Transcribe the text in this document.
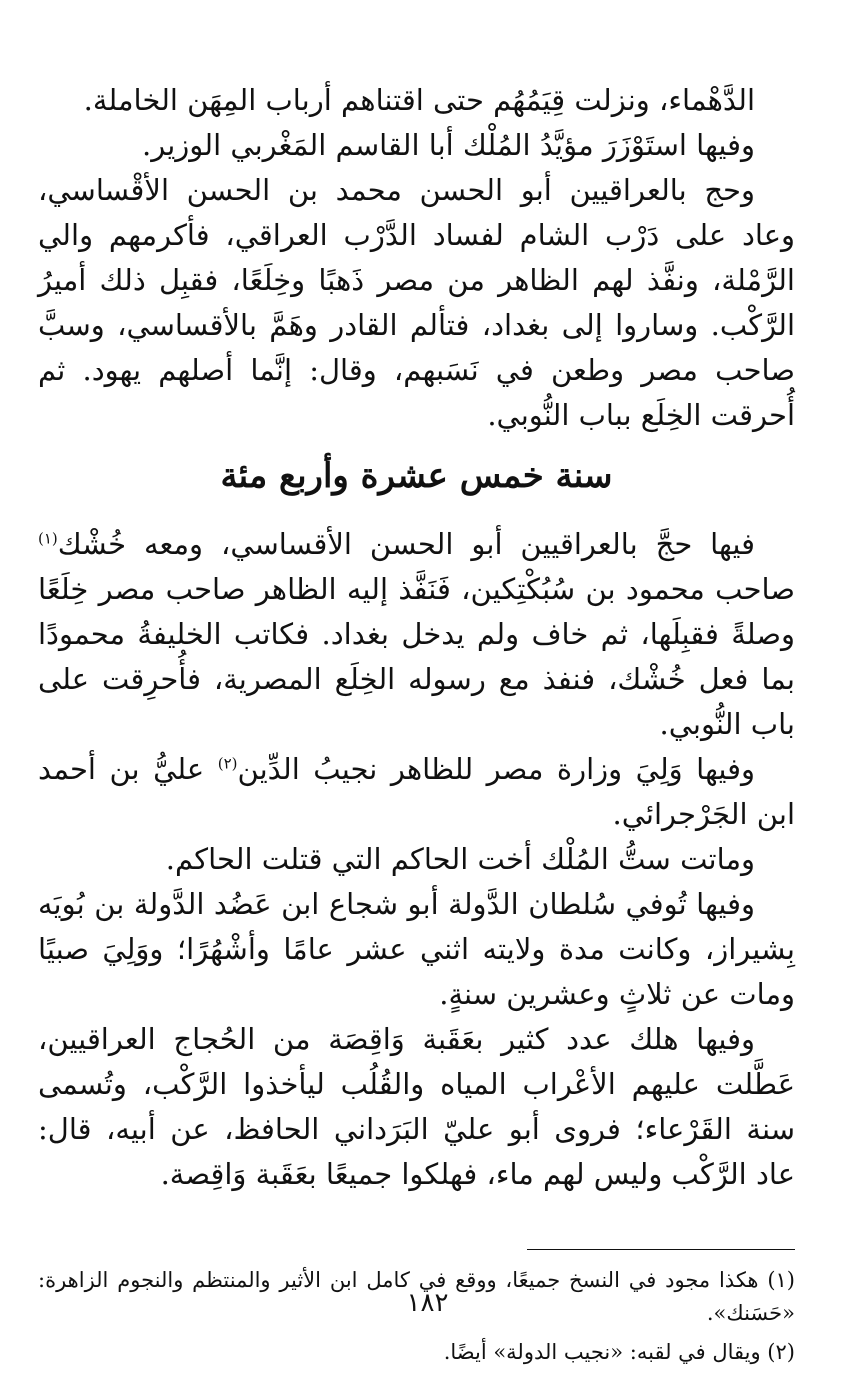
الدَّهْماء، ونزلت قِيَمُهُم حتى اقتناهم أرباب المِهَن الخاملة.

وفيها استَوْزَرَ مؤيَّدُ المُلْك أبا القاسم المَغْربي الوزير.

وحج بالعراقيين أبو الحسن محمد بن الحسن الأقْساسي، وعاد على دَرْب الشام لفساد الدَّرْب العراقي، فأكرمهم والي الرَّمْلة، ونفَّذ لهم الظاهر من مصر ذَهبًا وخِلَعًا، فقبِل ذلك أميرُ الرَّكْب. وساروا إلى بغداد، فتألم القادر وهَمَّ بالأقساسي، وسبَّ صاحب مصر وطعن في نَسَبهم، وقال: إنَّما أصلهم يهود. ثم أُحرقت الخِلَع بباب النُّوبي.

سنة خمس عشرة وأربع مئة

فيها حجَّ بالعراقيين أبو الحسن الأقساسي، ومعه خُشْك$^{(١)}$ صاحب محمود بن سُبُكْتِكين، فَنَفَّذ إليه الظاهر صاحب مصر خِلَعًا وصلةً فقبِلَها، ثم خاف ولم يدخل بغداد. فكاتب الخليفةُ محمودًا بما فعل خُشْك، فنفذ مع رسوله الخِلَع المصرية، فأُحرِقت على باب النُّوبي.

وفيها وَلِيَ وزارة مصر للظاهر نجيبُ الدِّين$^{(٢)}$ عليُّ بن أحمد ابن الجَرْجرائي.

وماتت ستُّ المُلْك أخت الحاكم التي قتلت الحاكم.

وفيها تُوفي سُلطان الدَّولة أبو شجاع ابن عَضُد الدَّولة بن بُويَه بِشيراز، وكانت مدة ولايته اثني عشر عامًا وأشْهُرًا؛ ووَلِيَ صبيًا ومات عن ثلاثٍ وعشرين سنةٍ.

وفيها هلك عدد كثير بعَقَبة وَاقِصَة من الحُجاج العراقيين، عَطَّلت عليهم الأعْراب المياه والقُلُب ليأخذوا الرَّكْب، وتُسمى سنة القَرْعاء؛ فروى أبو عليّ البَرَداني الحافظ، عن أبيه، قال: عاد الرَّكْب وليس لهم ماء، فهلكوا جميعًا بعَقَبة وَاقِصة.

(١) هكذا مجود في النسخ جميعًا، ووقع في كامل ابن الأثير والمنتظم والنجوم الزاهرة: «حَسَنك».

(٢) ويقال في لقبه: «نجيب الدولة» أيضًا.

١٨٢
